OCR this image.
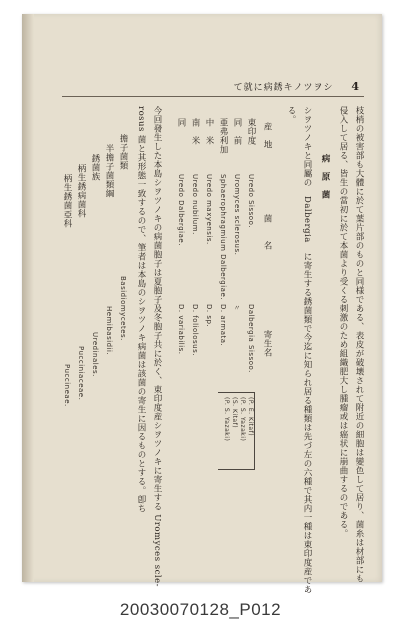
て就に病銹キノツヲシ 4
枝梢の被害部も大體に於て葉片部のものと同様である、表皮が破壊されて附近の細胞は變色して居り、菌糸は材部にも
侵入して居る、皆生の當初に於て本菌より受くる刺激のため組織肥大し腫瘤或は癌状に崩曲するのである。
病　原　菌
シヲツノキと同屬の　Dalbergia　に寄生する銹菌類で今迄に知られ居る種類は先づ左の六種で其内一種は東印度産であ
る。
産　地
菌　　名
寄生名
東印度
Uredo Sissoo.
Dalbergia Sissoo.
同　前
Uromyces sclerosus.
〃
亜弗利加
Sphaerophragmium Dalbergiae.
D. armata.
中　米
Uredo maxyensis.
D. sp.
南　米
Uredo nubilum.
D. foliolosus.
同
Uredo Dalbergiae.
D. variabilis.
(P. E. Kitaf)
(P. S. Yazaki)
(S. Kitaf)
(P. S. Yazaki)
今回發生した本島シヲツノキの病菌胞子は夏胞子及冬胞子共に於く、東印度産シヲツノキに寄生する Uromyces scle-
rosus 菌と其形態一致するので、筆者は本島のシヲツノキ病菌は該菌の寄生に因るものとする。卽ち
擔子菌類
Basidiomycetes.
半擔子菌類綱
Hemibasidii.
銹菌族
Uredinales.
柄生銹病菌科
Pucciniaceae.
柄生銹菌亞科
Puccineae.
20030070128_P012
